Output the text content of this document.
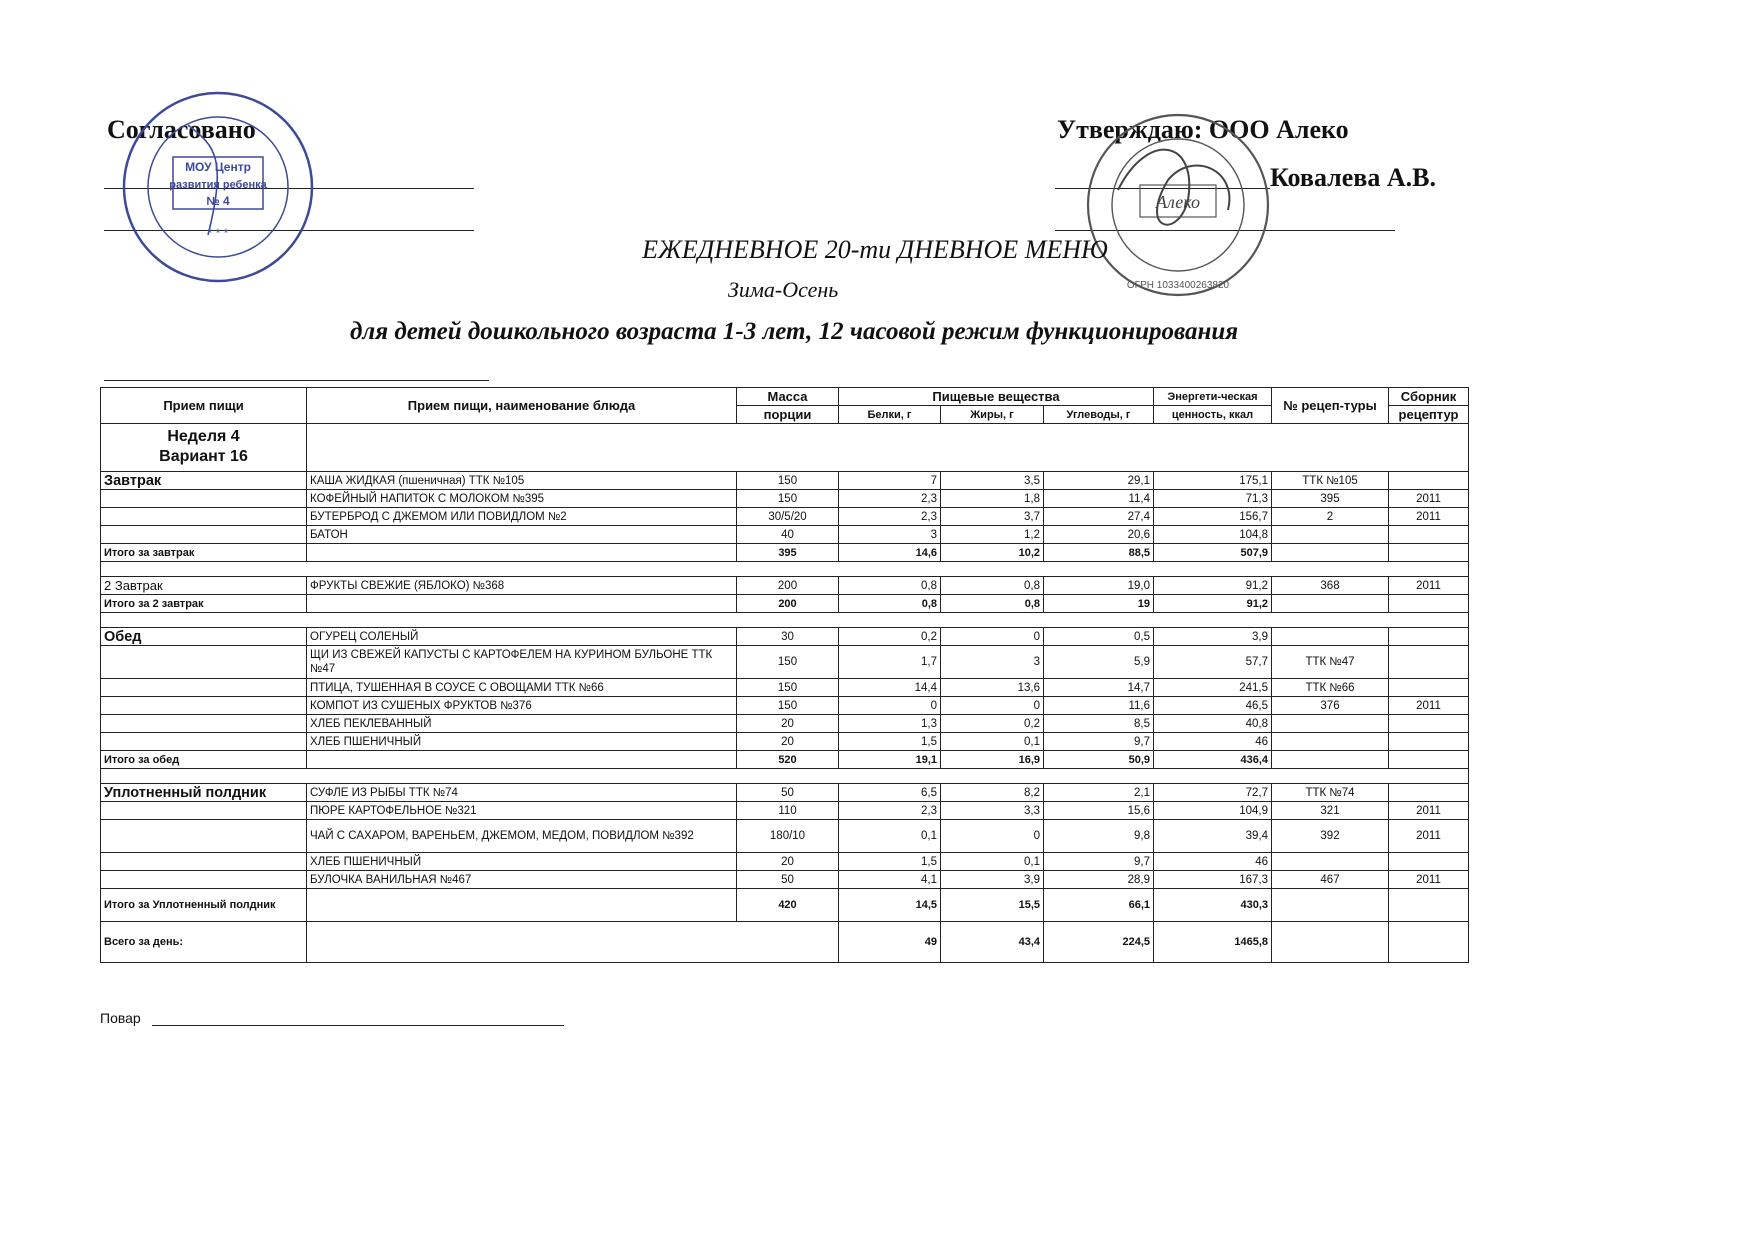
Согласовано	Утверждаю: ООО Алеко
Ковалева А.В.
МОУ Центр
развития ребенка
№ 4
* * *
Алеко
ОГРН 1033400263820
ЕЖЕДНЕВНОЕ 20-ти ДНЕВНОЕ МЕНЮ
Зима-Осень
для детей дошкольного возраста 1-3 лет, 12 часовой режим функционирования
Прием пищи	Прием пищи, наименование блюда	Масса	Пищевые вещества			Энергети-ческая	№ рецеп-туры	Сборник
		порции	Белки, г	Жиры, г	Углеводы, г	ценность, ккал		рецептур

Неделя 4
Вариант 16								

Завтрак	КАША ЖИДКАЯ (пшеничная) ТТК №105	150	7	3,5	29,1	175,1	ТТК №105	
	КОФЕЙНЫЙ НАПИТОК С МОЛОКОМ №395	150	2,3	1,8	11,4	71,3	395	2011
	БУТЕРБРОД С ДЖЕМОМ ИЛИ ПОВИДЛОМ №2	30/5/20	2,3	3,7	27,4	156,7	2	2011
	БАТОН	40	3	1,2	20,6	104,8		
Итого за завтрак		395	14,6	10,2	88,5	507,9		

2 Завтрак	ФРУКТЫ СВЕЖИЕ (ЯБЛОКО) №368	200	0,8	0,8	19,0	91,2	368	2011
Итого за 2 завтрак		200	0,8	0,8	19	91,2		

Обед	ОГУРЕЦ СОЛЕНЫЙ	30	0,2	0	0,5	3,9		
	ЩИ ИЗ СВЕЖЕЙ КАПУСТЫ С КАРТОФЕЛЕМ НА КУРИНОМ БУЛЬОНЕ ТТК №47	150	1,7	3	5,9	57,7	ТТК №47	
	ПТИЦА, ТУШЕННАЯ В СОУСЕ С ОВОЩАМИ ТТК №66	150	14,4	13,6	14,7	241,5	ТТК №66	
	КОМПОТ ИЗ СУШЕНЫХ ФРУКТОВ №376	150	0	0	11,6	46,5	376	2011
	ХЛЕБ ПЕКЛЕВАННЫЙ	20	1,3	0,2	8,5	40,8		
	ХЛЕБ ПШЕНИЧНЫЙ	20	1,5	0,1	9,7	46		
Итого за обед		520	19,1	16,9	50,9	436,4		

Уплотненный полдник	СУФЛЕ ИЗ РЫБЫ ТТК №74	50	6,5	8,2	2,1	72,7	ТТК №74	
	ПЮРЕ КАРТОФЕЛЬНОЕ №321	110	2,3	3,3	15,6	104,9	321	2011
	ЧАЙ С САХАРОМ, ВАРЕНЬЕМ, ДЖЕМОМ, МЕДОМ, ПОВИДЛОМ №392	180/10	0,1	0	9,8	39,4	392	2011
	ХЛЕБ ПШЕНИЧНЫЙ	20	1,5	0,1	9,7	46		
	БУЛОЧКА ВАНИЛЬНАЯ №467	50	4,1	3,9	28,9	167,3	467	2011
Итого за Уплотненный полдник		420	14,5	15,5	66,1	430,3		
Всего за день:			49	43,4	224,5	1465,8		
Повар
